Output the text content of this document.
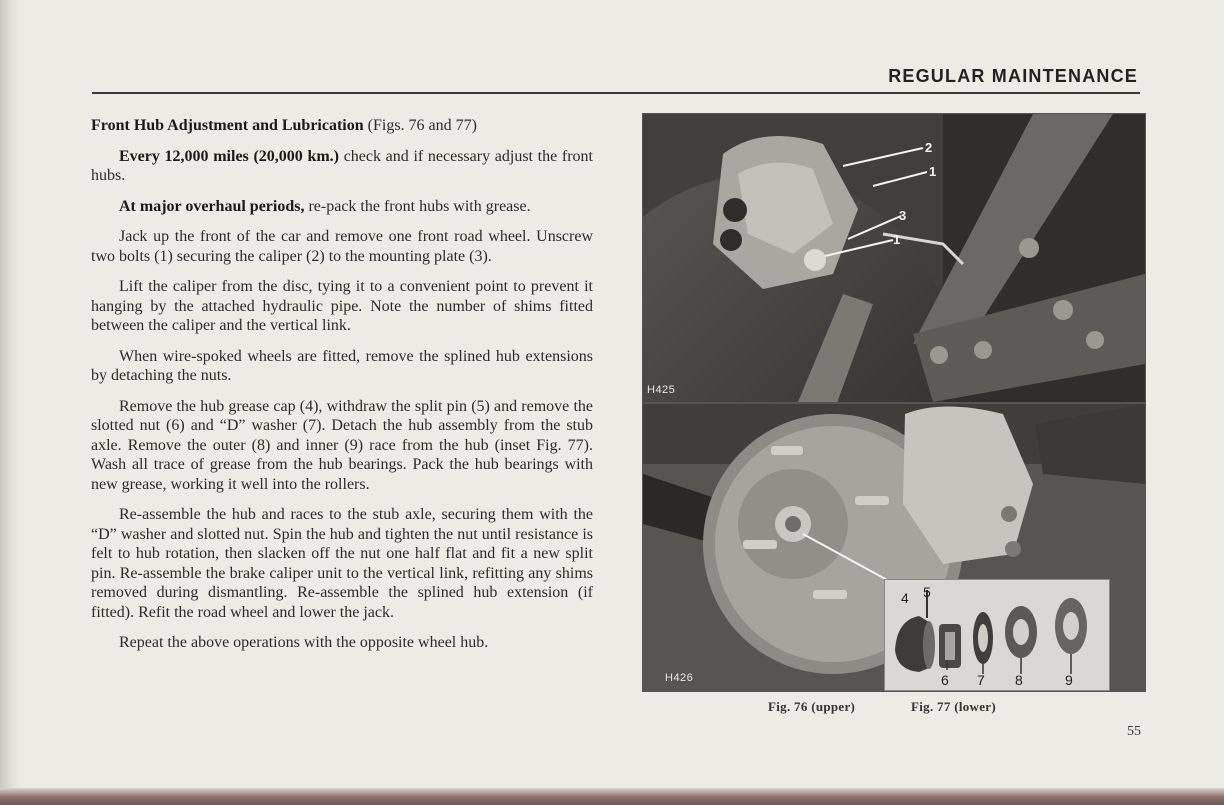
REGULAR MAINTENANCE

Front Hub Adjustment and Lubrication (Figs. 76 and 77)

Every 12,000 miles (20,000 km.) check and if necessary adjust the front hubs.

At major overhaul periods, re-pack the front hubs with grease.

Jack up the front of the car and remove one front road wheel. Unscrew two bolts (1) securing the caliper (2) to the mounting plate (3).

Lift the caliper from the disc, tying it to a convenient point to prevent it hanging by the attached hydraulic pipe. Note the number of shims fitted between the caliper and the vertical link.

When wire-spoked wheels are fitted, remove the splined hub extensions by detaching the nuts.

Remove the hub grease cap (4), withdraw the split pin (5) and remove the slotted nut (6) and “D” washer (7). Detach the hub assembly from the stub axle. Remove the outer (8) and inner (9) race from the hub (inset Fig. 77). Wash all trace of grease from the hub bearings. Pack the hub bearings with new grease, working it well into the rollers.

Re-assemble the hub and races to the stub axle, securing them with the “D” washer and slotted nut. Spin the hub and tighten the nut until resistance is felt to hub rotation, then slacken off the nut one half flat and fit a new split pin. Re-assemble the brake caliper unit to the vertical link, refitting any shims removed during dismantling. Re-assemble the splined hub extension (if fitted). Refit the road wheel and lower the jack.

Repeat the above operations with the opposite wheel hub.

2
1
3
1
H425
H426
4 5
6 7 8	9
Fig. 76 (upper)	Fig. 77 (lower)
55
